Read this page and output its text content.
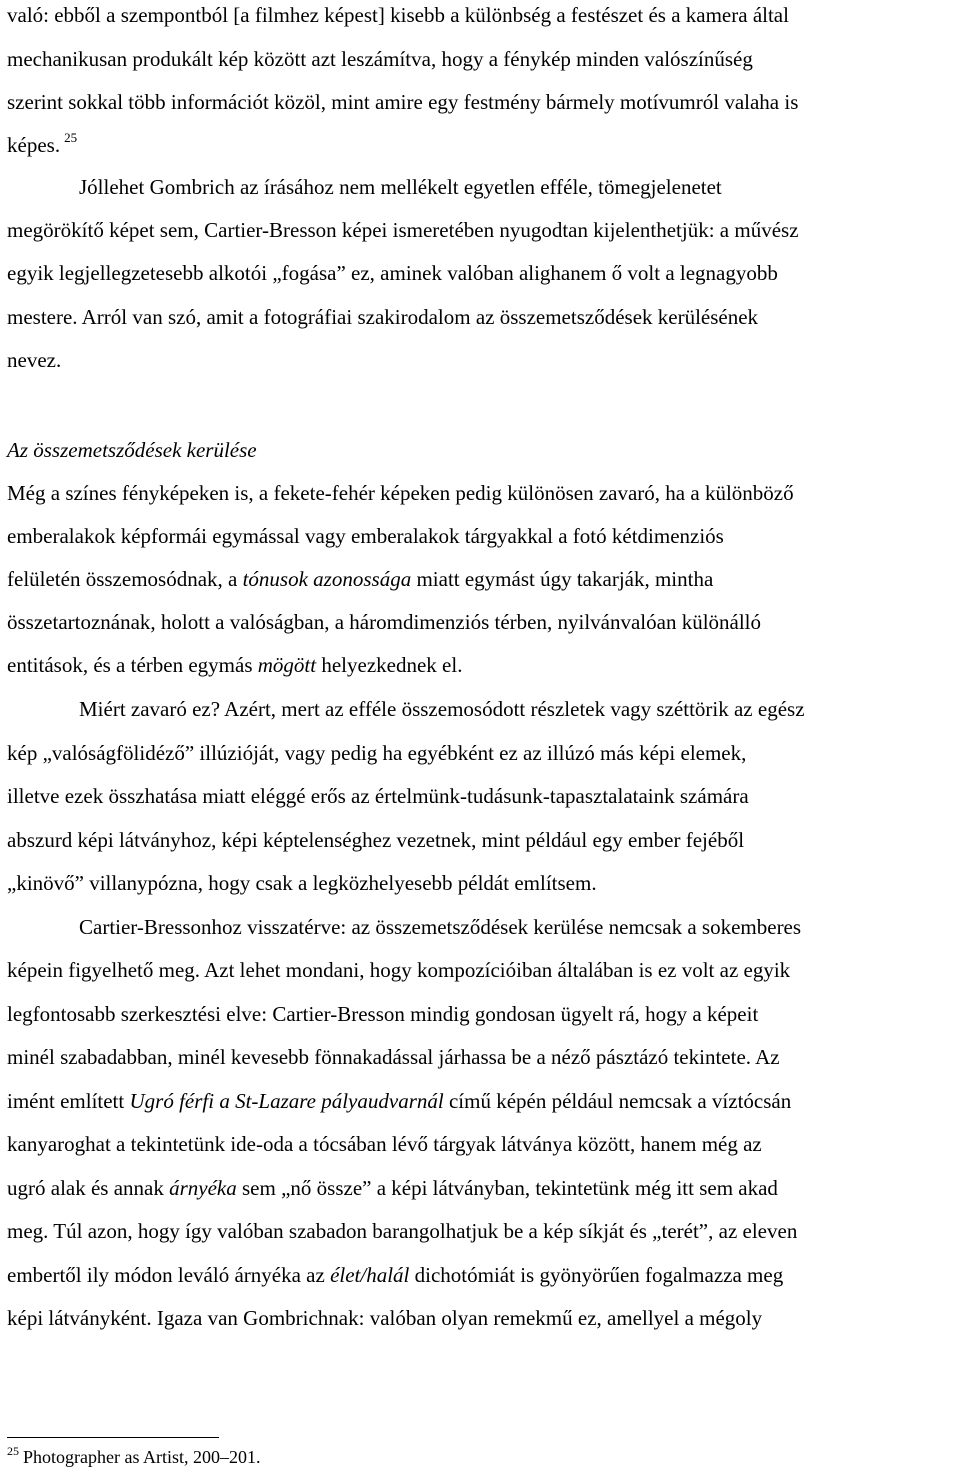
való: ebből a szempontból [a filmhez képest] kisebb a különbség a festészet és a kamera által
mechanikusan produkált kép között azt leszámítva, hogy a fénykép minden valószínűség
szerint sokkal több információt közöl, mint amire egy festmény bármely motívumról valaha is
képes. $^{25}$
Jóllehet Gombrich az írásához nem mellékelt egyetlen efféle, tömegjelenetet
megörökítő képet sem, Cartier-Bresson képei ismeretében nyugodtan kijelenthetjük: a művész
egyik legjellegzetesebb alkotói „fogása” ez, aminek valóban alighanem ő volt a legnagyobb
mestere. Arról van szó, amit a fotográfiai szakirodalom az összemetsződések kerülésének
nevez.
Az összemetsződések kerülése
Még a színes fényképeken is, a fekete-fehér képeken pedig különösen zavaró, ha a különböző
emberalakok képformái egymással vagy emberalakok tárgyakkal a fotó kétdimenziós
felületén összemosódnak, a tónusok azonossága miatt egymást úgy takarják, mintha
összetartoznának, holott a valóságban, a háromdimenziós térben, nyilvánvalóan különálló
entitások, és a térben egymás mögött helyezkednek el.
Miért zavaró ez? Azért, mert az efféle összemosódott részletek vagy széttörik az egész
kép „valóságfölidéző” illúzióját, vagy pedig ha egyébként ez az illúzó más képi elemek,
illetve ezek összhatása miatt eléggé erős az értelmünk-tudásunk-tapasztalataink számára
abszurd képi látványhoz, képi képtelenséghez vezetnek, mint például egy ember fejéből
„kinövő” villanypózna, hogy csak a legközhelyesebb példát említsem.
Cartier-Bressonhoz visszatérve: az összemetsződések kerülése nemcsak a sokemberes
képein figyelhető meg. Azt lehet mondani, hogy kompozícióiban általában is ez volt az egyik
legfontosabb szerkesztési elve: Cartier-Bresson mindig gondosan ügyelt rá, hogy a képeit
minél szabadabban, minél kevesebb fönnakadással járhassa be a néző pásztázó tekintete. Az
imént említett Ugró férfi a St-Lazare pályaudvarnál című képén például nemcsak a víztócsán
kanyaroghat a tekintetünk ide-oda a tócsában lévő tárgyak látványa között, hanem még az
ugró alak és annak árnyéka sem „nő össze” a képi látványban, tekintetünk még itt sem akad
meg. Túl azon, hogy így valóban szabadon barangolhatjuk be a kép síkját és „terét”, az eleven
embertől ily módon leváló árnyéka az élet/halál dichotómiát is gyönyörűen fogalmazza meg
képi látványként. Igaza van Gombrichnak: valóban olyan remekmű ez, amellyel a mégoly
$^{25}$ Photographer as Artist, 200–201.
